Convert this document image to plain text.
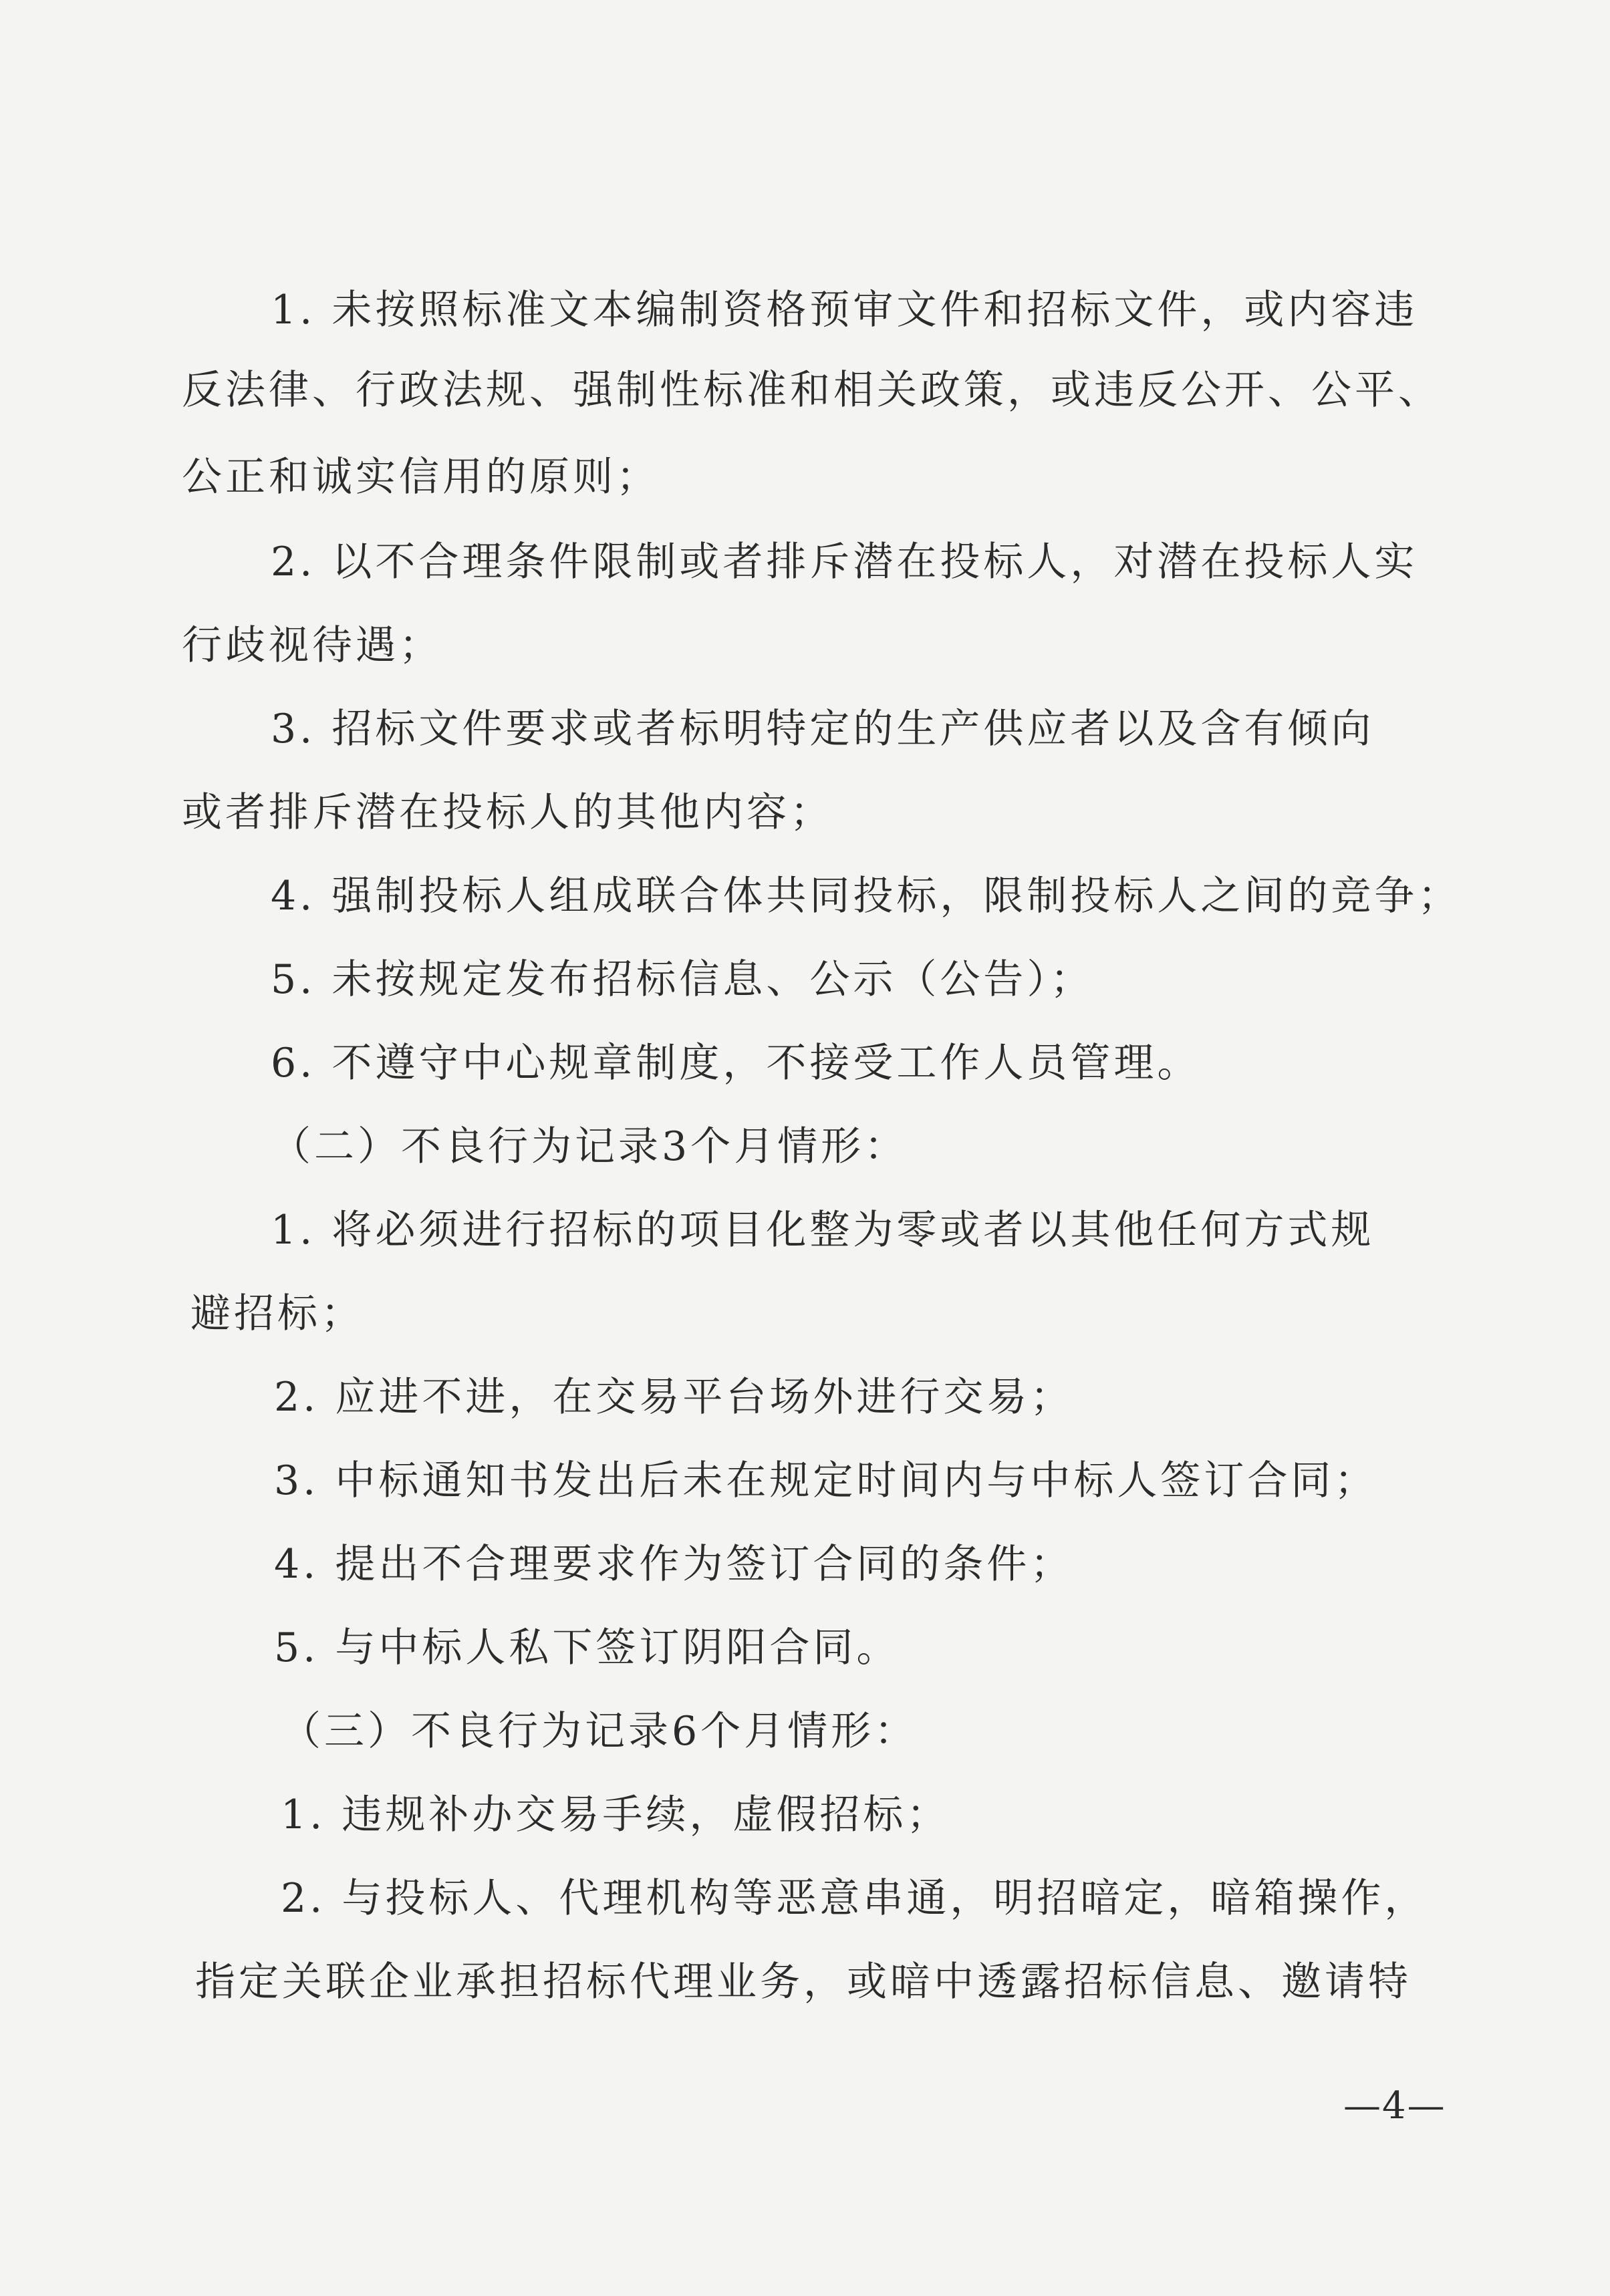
1. 未按照标准文本编制资格预审文件和招标文件，或内容违
反法律、行政法规、强制性标准和相关政策，或违反公开、公平、
公正和诚实信用的原则；
2. 以不合理条件限制或者排斥潜在投标人，对潜在投标人实
行歧视待遇；
3. 招标文件要求或者标明特定的生产供应者以及含有倾向
或者排斥潜在投标人的其他内容；
4. 强制投标人组成联合体共同投标，限制投标人之间的竞争；
5. 未按规定发布招标信息、公示（公告）；
6. 不遵守中心规章制度，不接受工作人员管理。
（二）不良行为记录3个月情形：
1. 将必须进行招标的项目化整为零或者以其他任何方式规
避招标；
2. 应进不进，在交易平台场外进行交易；
3. 中标通知书发出后未在规定时间内与中标人签订合同；
4. 提出不合理要求作为签订合同的条件；
5. 与中标人私下签订阴阳合同。
（三）不良行为记录6个月情形：
1. 违规补办交易手续，虚假招标；
2. 与投标人、代理机构等恶意串通，明招暗定，暗箱操作，
指定关联企业承担招标代理业务，或暗中透露招标信息、邀请特
—4—
